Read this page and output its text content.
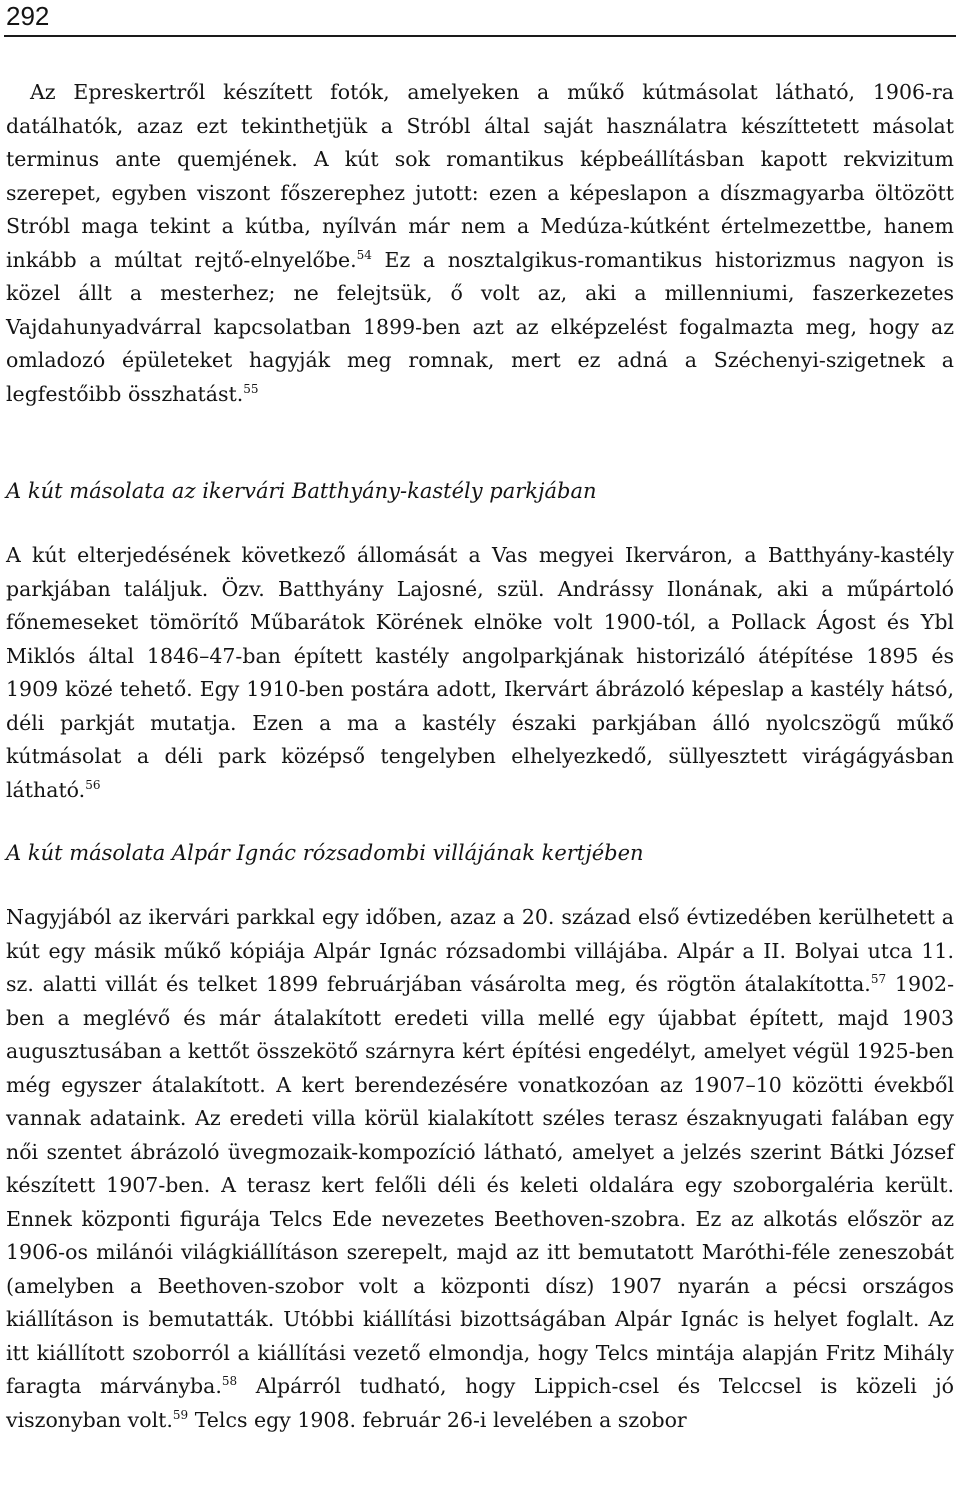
292

Az Epreskertről készített fotók, amelyeken a műkő kútmásolat látható, 1906-ra datálhatók, azaz ezt tekinthetjük a Stróbl által saját használatra készíttetett másolat terminus ante quemjének. A kút sok romantikus képbeállításban kapott rekvizitum szerepet, egyben viszont főszerephez jutott: ezen a képeslapon a díszmagyarba öltözött Stróbl maga tekint a kútba, nyílván már nem a Medúza-kútként értelmezettbe, hanem inkább a múltat rejtő-elnyelőbe.$^{54}$ Ez a nosztalgikus-romantikus historizmus nagyon is közel állt a mesterhez; ne felejtsük, ő volt az, aki a millenniumi, faszerkezetes Vajdahunyadvárral kapcsolatban 1899-ben azt az elképzelést fogalmazta meg, hogy az omladozó épületeket hagyják meg romnak, mert ez adná a Széchenyi-szigetnek a legfestőibb összhatást.$^{55}$

A kút másolata az ikervári Batthyány-kastély parkjában

A kút elterjedésének következő állomását a Vas megyei Ikerváron, a Batthyány-kastély parkjában találjuk. Özv. Batthyány Lajosné, szül. Andrássy Ilonának, aki a műpártoló főnemeseket tömörítő Műbarátok Körének elnöke volt 1900-tól, a Pollack Ágost és Ybl Miklós által 1846–47-ban épített kastély angolparkjának historizáló átépítése 1895 és 1909 közé tehető. Egy 1910-ben postára adott, Ikervárt ábrázoló képeslap a kastély hátsó, déli parkját mutatja. Ezen a ma a kastély északi parkjában álló nyolcszögű műkő kútmásolat a déli park középső tengelyben elhelyezkedő, süllyesztett virágágyásban látható.$^{56}$

A kút másolata Alpár Ignác rózsadombi villájának kertjében

Nagyjából az ikervári parkkal egy időben, azaz a 20. század első évtizedében kerülhetett a kút egy másik műkő kópiája Alpár Ignác rózsadombi villájába. Alpár a II. Bolyai utca 11. sz. alatti villát és telket 1899 februárjában vásárolta meg, és rögtön átalakította.$^{57}$ 1902-ben a meglévő és már átalakított eredeti villa mellé egy újabbat épített, majd 1903 augusztusában a kettőt összekötő szárnyra kért építési engedélyt, amelyet végül 1925-ben még egyszer átalakított. A kert berendezésére vonatkozóan az 1907–10 közötti évekből vannak adataink. Az eredeti villa körül kialakított széles terasz északnyugati falában egy női szentet ábrázoló üvegmozaik-kompozíció látható, amelyet a jelzés szerint Bátki József készített 1907-ben. A terasz kert felőli déli és keleti oldalára egy szoborgaléria került. Ennek központi figurája Telcs Ede nevezetes Beethoven-szobra. Ez az alkotás először az 1906-os milánói világkiállításon szerepelt, majd az itt bemutatott Maróthi-féle zeneszobát (amelyben a Beethoven-szobor volt a központi dísz) 1907 nyarán a pécsi országos kiállításon is bemutatták. Utóbbi kiállítási bizottságában Alpár Ignác is helyet foglalt. Az itt kiállított szoborról a kiállítási vezető elmondja, hogy Telcs mintája alapján Fritz Mihály faragta márványba.$^{58}$ Alpárról tudható, hogy Lippich-csel és Telccsel is közeli jó viszonyban volt.$^{59}$ Telcs egy 1908. február 26-i levelében a szobor
